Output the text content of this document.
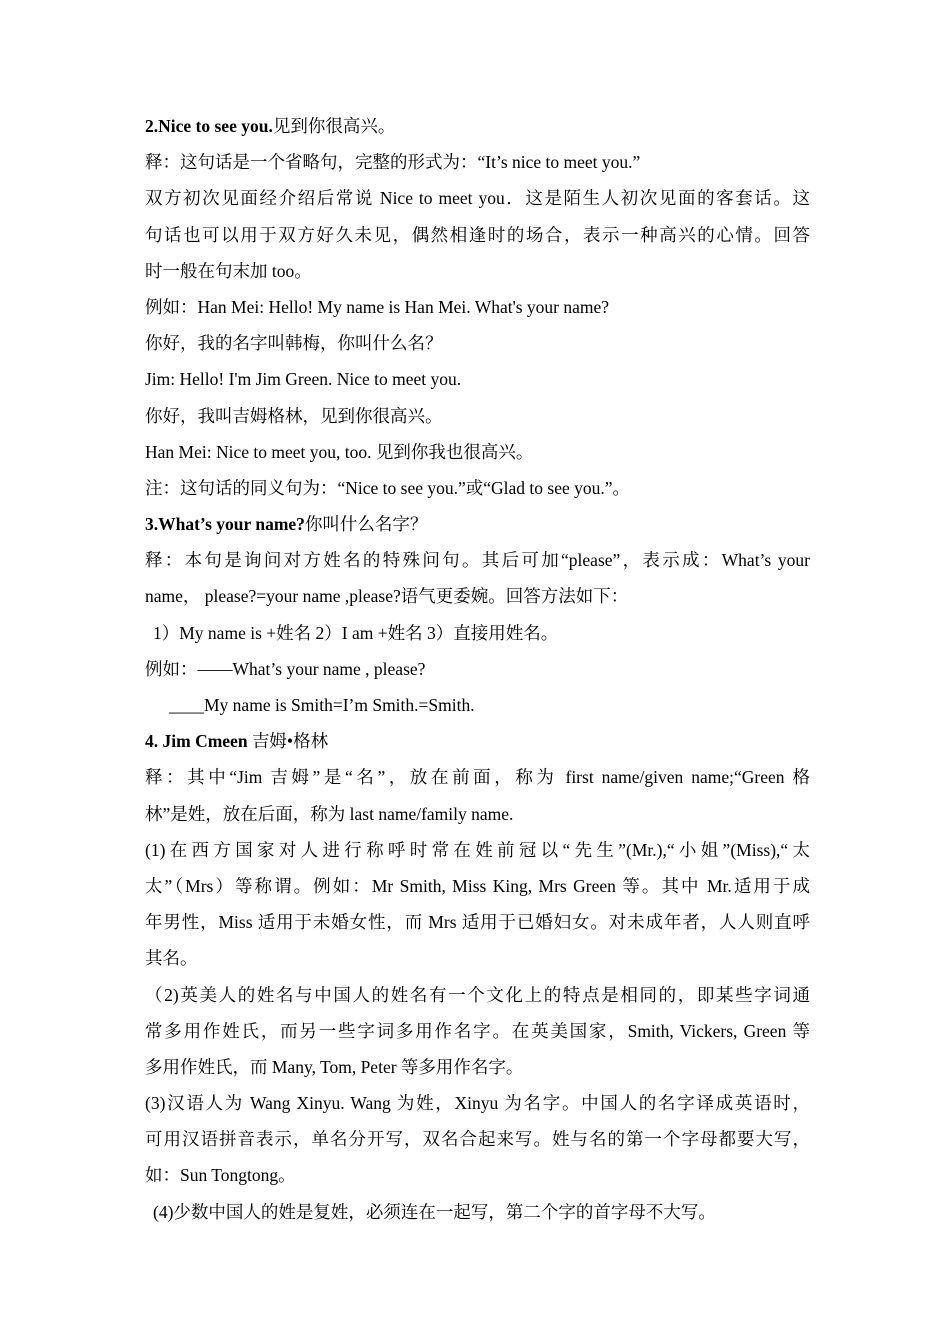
2.Nice to see you.见到你很高兴。
释：这句话是一个省略句，完整的形式为：“It’s nice to meet you.”
双方初次见面经介绍后常说 Nice to meet you．这是陌生人初次见面的客套话。这
句话也可以用于双方好久未见，偶然相逢时的场合，表示一种高兴的心情。回答
时一般在句末加 too。
例如：Han Mei: Hello! My name is Han Mei. What's your name?
你好，我的名字叫韩梅，你叫什么名？
Jim: Hello! I'm Jim Green. Nice to meet you.
你好，我叫吉姆格林，见到你很高兴。
Han Mei: Nice to meet you, too. 见到你我也很高兴。
注：这句话的同义句为：“Nice to see you.”或“Glad to see you.”。
3.What’s your name?你叫什么名字？
释：本句是询问对方姓名的特殊问句。其后可加“please”，表示成：What’s your
name， please?=your name ,please?语气更委婉。回答方法如下：
1）My name is +姓名 2）I am +姓名 3）直接用姓名。
例如：——What’s your name , please?
____My name is Smith=I’m Smith.=Smith.
4. Jim Cmeen 吉姆•格林
释：其中“Jim 吉姆”是“名”，放在前面，称为 first name/given name;“Green 格
林”是姓，放在后面，称为 last name/family name.
(1)在西方国家对人进行称呼时常在姓前冠以“先生”(Mr.),“小姐”(Miss),“太
太”（Mrs）等称谓。例如：Mr Smith, Miss King, Mrs Green 等。其中 Mr.适用于成
年男性，Miss 适用于未婚女性，而 Mrs 适用于已婚妇女。对未成年者，人人则直呼
其名。
（2)英美人的姓名与中国人的姓名有一个文化上的特点是相同的，即某些字词通
常多用作姓氏，而另一些字词多用作名字。在英美国家，Smith, Vickers, Green 等
多用作姓氏，而 Many, Tom, Peter 等多用作名字。
(3)汉语人为 Wang Xinyu. Wang 为姓，Xinyu 为名字。中国人的名字译成英语时，
可用汉语拼音表示，单名分开写，双名合起来写。姓与名的第一个字母都要大写，
如：Sun Tongtong。
(4)少数中国人的姓是复姓，必须连在一起写，第二个字的首字母不大写。
